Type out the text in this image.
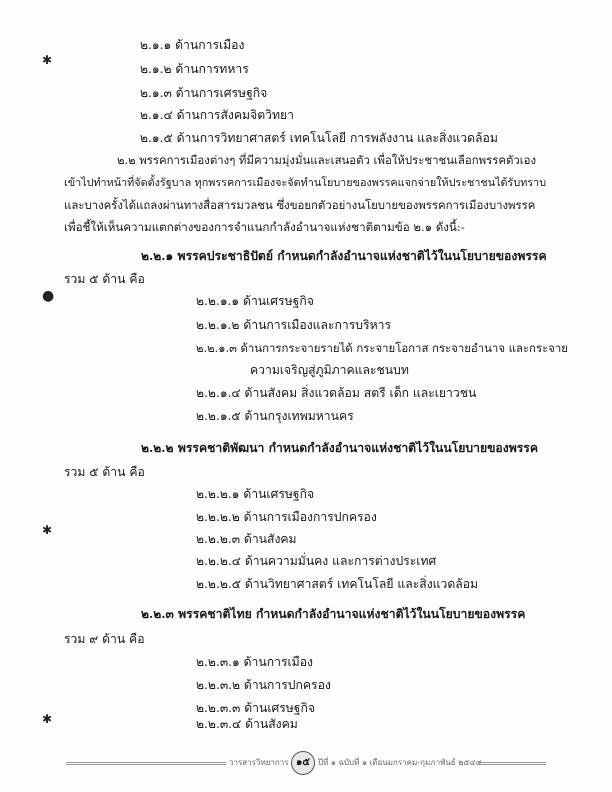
๒.๑.๑ ด้านการเมือง
๒.๑.๒ ด้านการทหาร
๒.๑.๓ ด้านการเศรษฐกิจ
๒.๑.๔ ด้านการสังคมจิตวิทยา
๒.๑.๕ ด้านการวิทยาศาสตร์ เทคโนโลยี การพลังงาน และสิ่งแวดล้อม
๒.๒ พรรคการเมืองต่างๆ ที่มีความมุ่งมั่นและเสนอตัว เพื่อให้ประชาชนเลือกพรรคตัวเอง
เข้าไปทำหน้าที่จัดตั้งรัฐบาล ทุกพรรคการเมืองจะจัดทำนโยบายของพรรคแจกจ่ายให้ประชาชนได้รับทราบ
และบางครั้งได้แถลงผ่านทางสื่อสารมวลชน ซึ่งขอยกตัวอย่างนโยบายของพรรคการเมืองบางพรรค
เพื่อชี้ให้เห็นความแตกต่างของการจำแนกกำลังอำนาจแห่งชาติตามข้อ ๒.๑ ดังนี้:-
๒.๒.๑ พรรคประชาธิปัตย์ กำหนดกำลังอำนาจแห่งชาติไว้ในนโยบายของพรรค
รวม ๕ ด้าน คือ
๒.๒.๑.๑ ด้านเศรษฐกิจ
๒.๒.๑.๒ ด้านการเมืองและการบริหาร
๒.๒.๑.๓ ด้านการกระจายรายได้ กระจายโอกาส กระจายอำนาจ และกระจาย
ความเจริญสู่ภูมิภาคและชนบท
๒.๒.๑.๔ ด้านสังคม สิ่งแวดล้อม สตรี เด็ก และเยาวชน
๒.๒.๑.๕ ด้านกรุงเทพมหานคร
๒.๒.๒ พรรคชาติพัฒนา กำหนดกำลังอำนาจแห่งชาติไว้ในนโยบายของพรรค
รวม ๕ ด้าน คือ
๒.๒.๒.๑ ด้านเศรษฐกิจ
๒.๒.๒.๒ ด้านการเมืองการปกครอง
๒.๒.๒.๓ ด้านสังคม
๒.๒.๒.๔ ด้านความมั่นคง และการต่างประเทศ
๒.๒.๒.๕ ด้านวิทยาศาสตร์ เทคโนโลยี และสิ่งแวดล้อม
๒.๒.๓ พรรคชาติไทย กำหนดกำลังอำนาจแห่งชาติไว้ในนโยบายของพรรค
รวม ๙ ด้าน คือ
๒.๒.๓.๑ ด้านการเมือง
๒.๒.๓.๒ ด้านการปกครอง
๒.๒.๓.๓ ด้านเศรษฐกิจ
๒.๒.๓.๔ ด้านสังคม
✱
●
✱
✱
วารสารวิทยาการ ๑๕	ปีที่ ๑ ฉบับที่ ๑ เดือนมกราคม-กุมภาพันธ์ ๒๕๔๔
